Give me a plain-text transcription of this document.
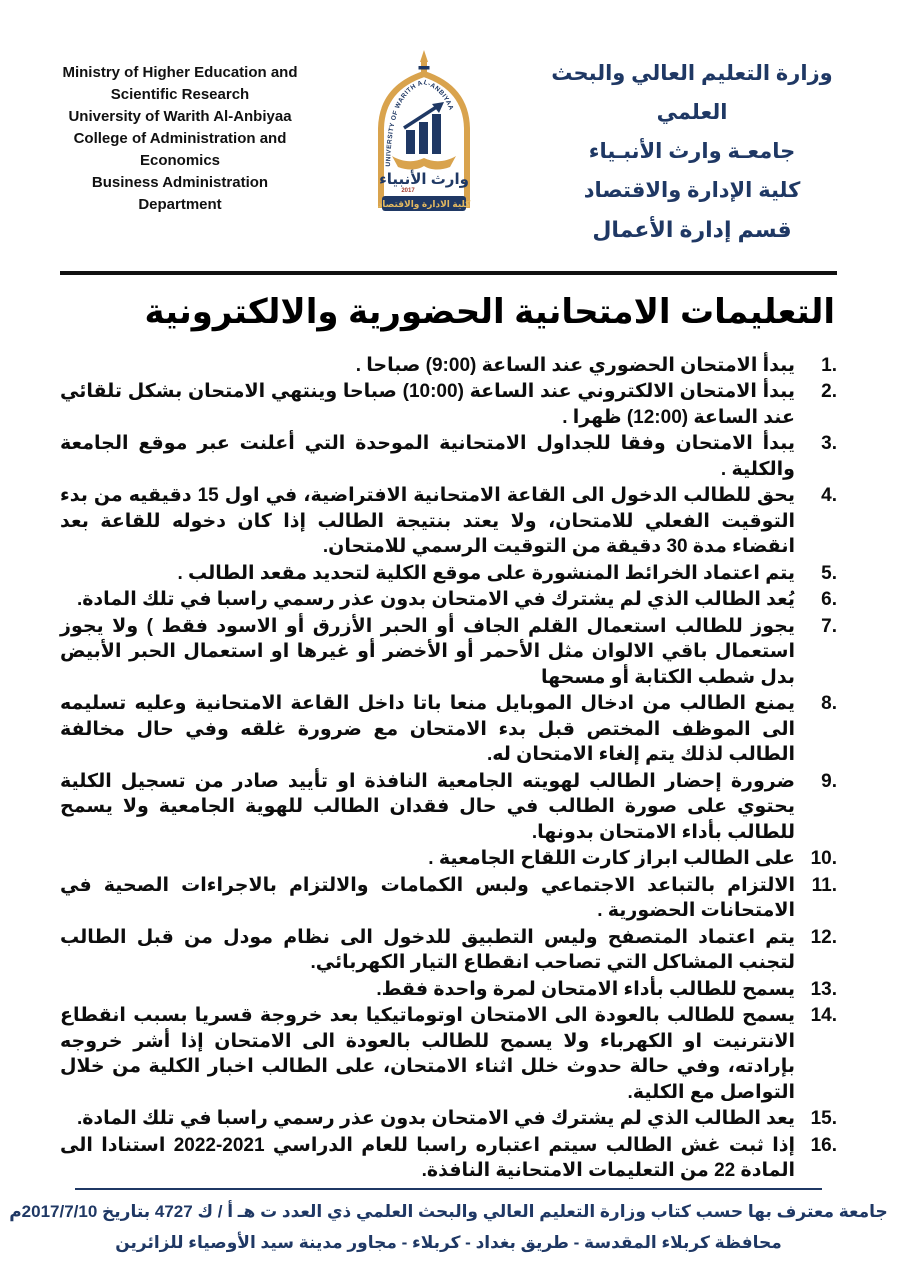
Ministry of Higher Education and
Scientific Research
University of Warith Al-Anbiyaa
College of Administration and
Economics
Business Administration
Department
UNIVERSITY OF WARITH AL-ANBIYAA
وارث الأنبياء
2017
كلية الادارة والاقتصاد
وزارة التعليم العالي والبحث العلمي
جامعـة وارث الأنبـياء
كلية الإدارة والاقتصاد
قسم إدارة الأعمال
التعليمات الامتحانية الحضورية والالكترونية
1.
يبدأ الامتحان الحضوري عند الساعة (9:00) صباحا .
2.
يبدأ الامتحان الالكتروني عند الساعة (10:00) صباحا وينتهي الامتحان بشكل تلقائي عند الساعة (12:00) ظهرا .
3.
يبدأ الامتحان وفقا للجداول الامتحانية الموحدة التي أعلنت عبر موقع الجامعة والكلية .
4.
يحق للطالب الدخول الى القاعة الامتحانية الافتراضية، في اول 15 دقيقيه من بدء التوقيت الفعلي للامتحان، ولا يعتد بنتيجة الطالب إذا كان دخوله للقاعة بعد انقضاء مدة 30 دقيقة من التوقيت الرسمي للامتحان.
5.
يتم اعتماد الخرائط المنشورة على موقع الكلية لتحديد مقعد الطالب .
6.
يُعد الطالب الذي لم يشترك في الامتحان بدون عذر رسمي راسبا في تلك المادة.
7.
يجوز للطالب استعمال القلم الجاف أو الحبر الأزرق أو الاسود فقط ) ولا يجوز استعمال باقي الالوان مثل الأحمر أو الأخضر أو غيرها او استعمال الحبر الأبيض بدل شطب الكتابة أو مسحها
8.
يمنع الطالب من ادخال الموبايل منعا باتا داخل القاعة الامتحانية وعليه تسليمه الى الموظف المختص قبل بدء الامتحان مع ضرورة غلقه وفي حال مخالفة الطالب لذلك يتم إلغاء الامتحان له.
9.
ضرورة إحضار الطالب لهويته الجامعية النافذة او تأييد صادر من تسجيل الكلية يحتوي على صورة الطالب في حال فقدان الطالب للهوية الجامعية ولا يسمح للطالب بأداء الامتحان بدونها.
10.
على الطالب ابراز كارت اللقاح الجامعية .
11.
الالتزام بالتباعد الاجتماعي ولبس الكمامات والالتزام بالاجراءات الصحية في الامتحانات الحضورية .
12.
يتم اعتماد المتصفح وليس التطبيق للدخول الى نظام مودل من قبل الطالب لتجنب المشاكل التي تصاحب انقطاع التيار الكهربائي.
13.
يسمح للطالب بأداء الامتحان لمرة واحدة فقط.
14.
يسمح للطالب بالعودة الى الامتحان اوتوماتيكيا بعد خروجة قسريا بسبب انقطاع الانترنيت او الكهرباء ولا يسمح للطالب بالعودة الى الامتحان إذا أشر خروجه بإرادته، وفي حالة حدوث خلل اثناء الامتحان، على الطالب اخبار الكلية من خلال التواصل مع الكلية.
15.
يعد الطالب الذي لم يشترك في الامتحان بدون عذر رسمي راسبا في تلك المادة.
16.
إذا ثبت غش الطالب سيتم اعتباره راسبا للعام الدراسي 2021-2022 استنادا الى المادة 22 من التعليمات الامتحانية النافذة.
جامعة معترف بها حسب كتاب وزارة التعليم العالي والبحث العلمي ذي العدد ت هـ أ / ك 4727 بتاريخ 2017/7/10م
محافظة كربلاء المقدسة - طريق بغداد - كربلاء - مجاور مدينة سيد الأوصياء للزائرين
